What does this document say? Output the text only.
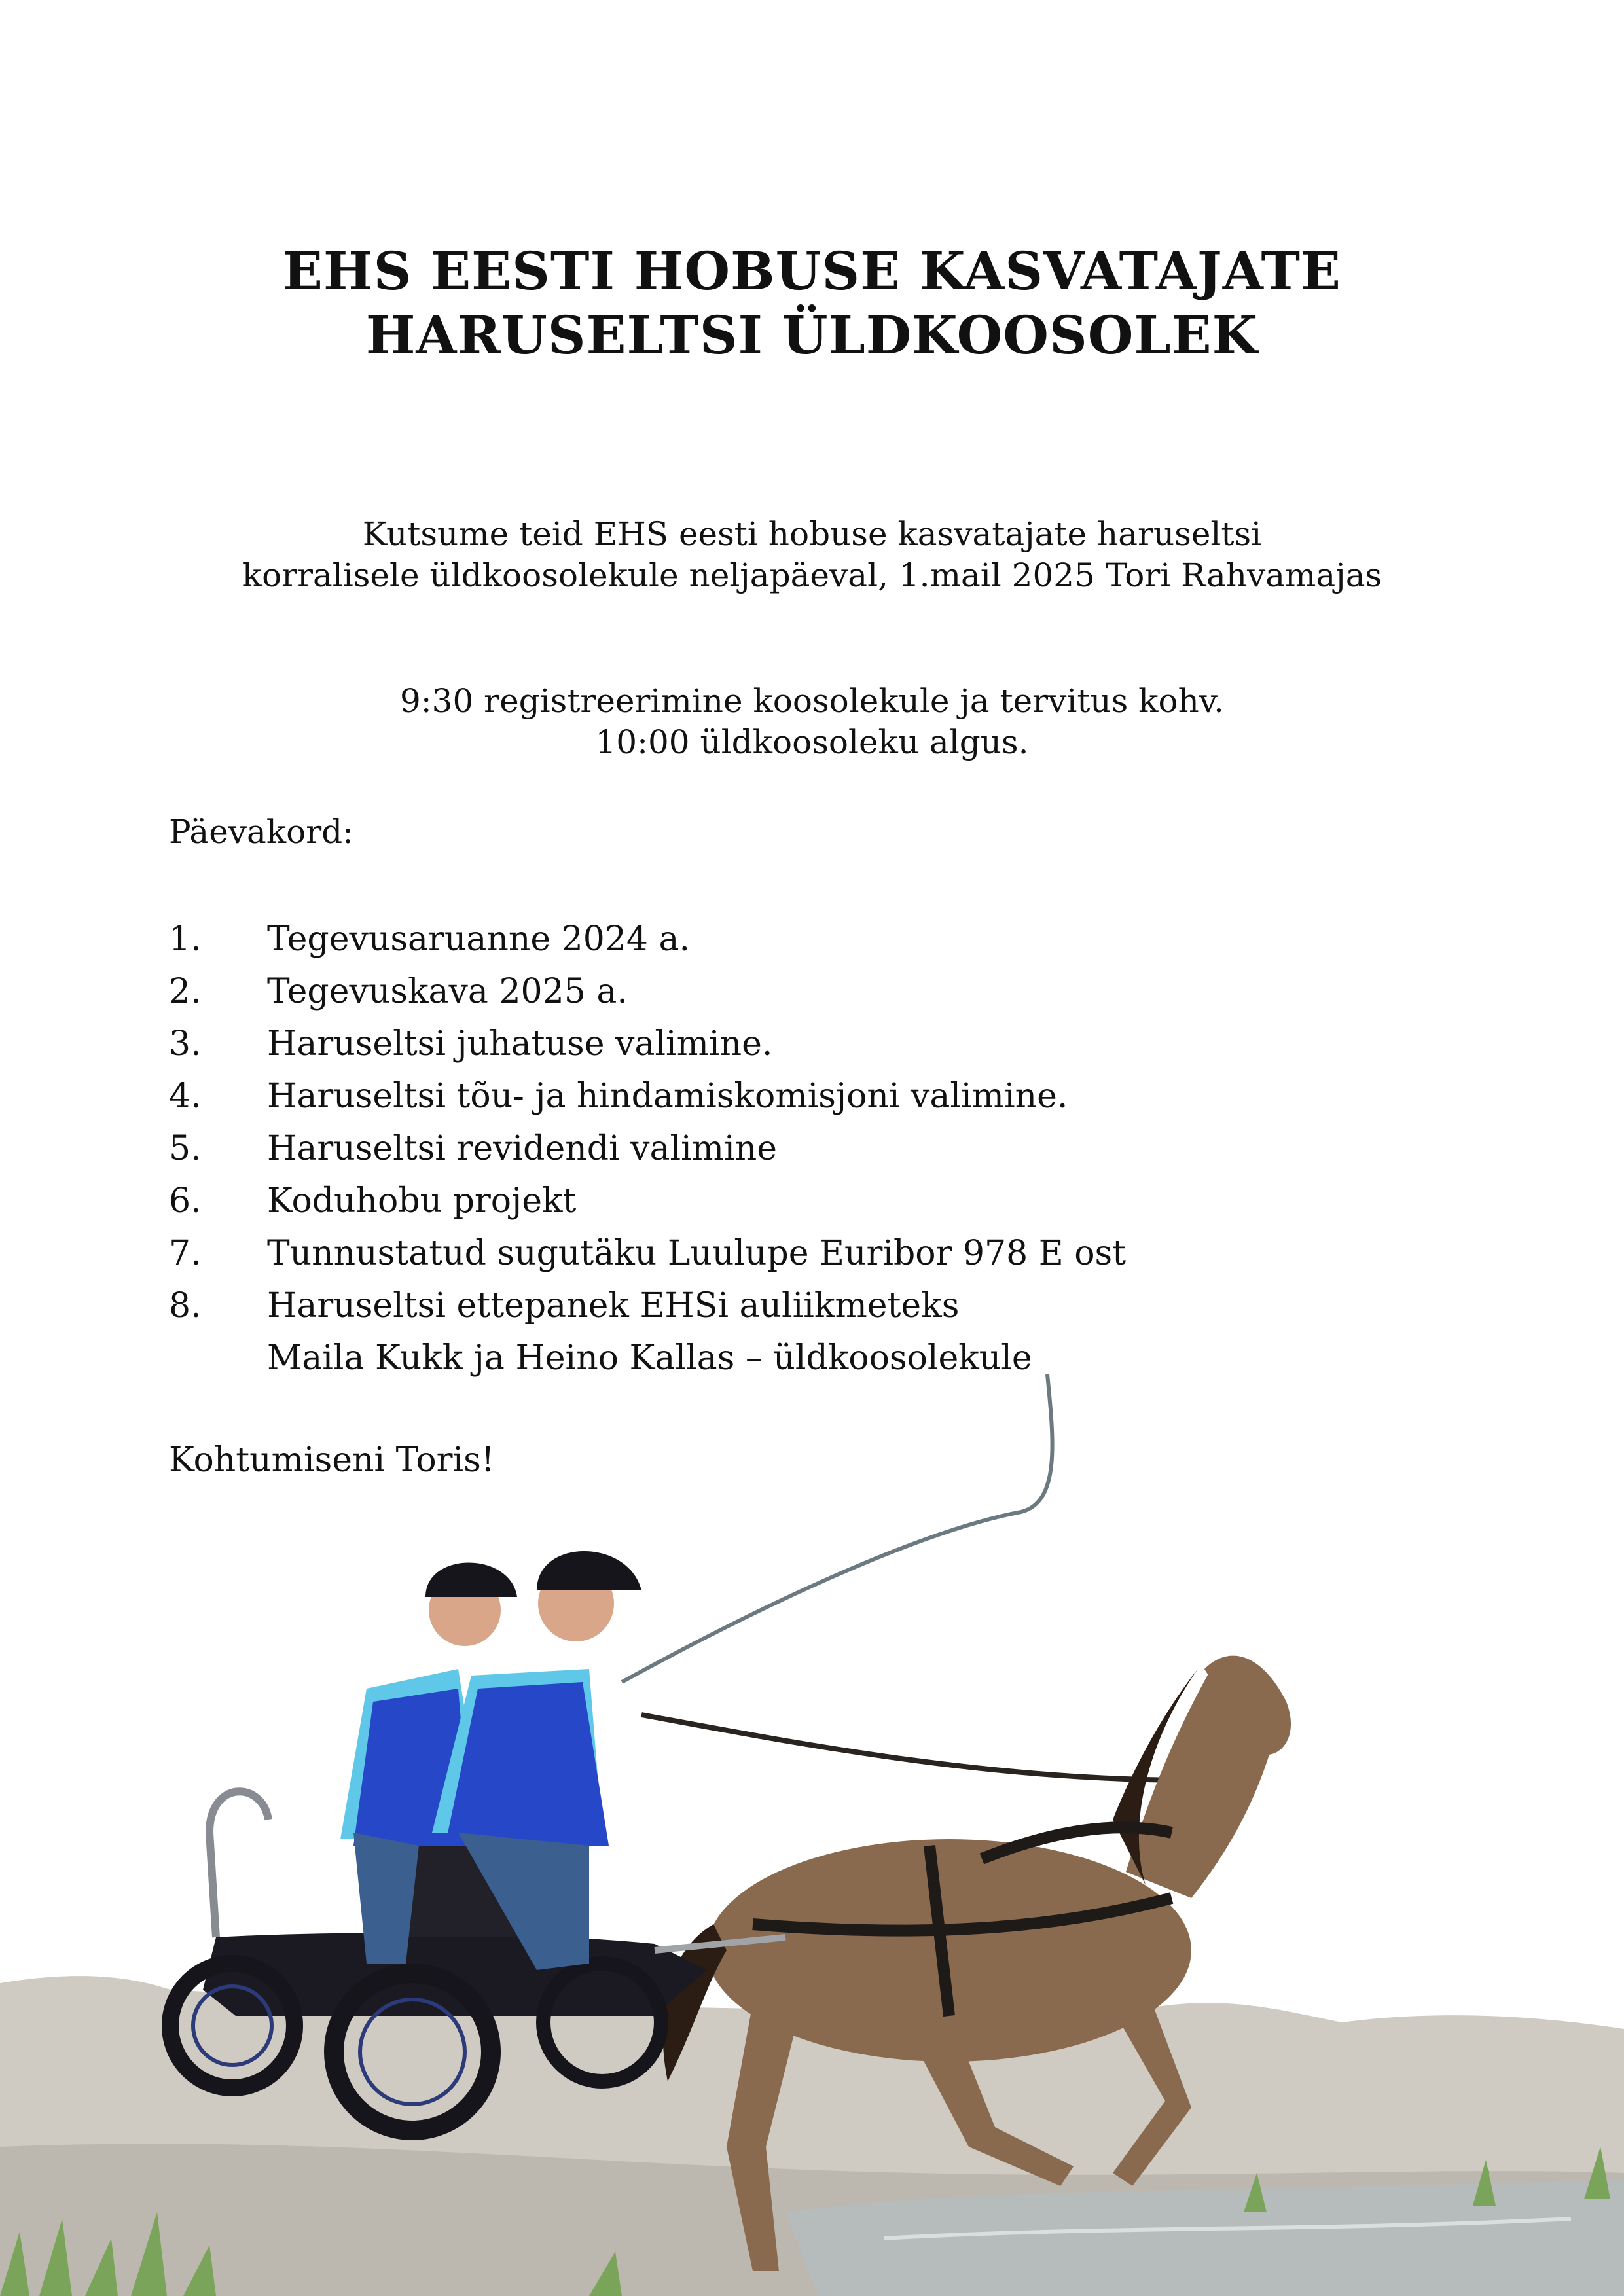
EHS EESTI HOBUSE KASVATAJATE
HARUSELTSI ÜLDKOOSOLEK
Kutsume teid EHS eesti hobuse kasvatajate haruseltsi
korralisele üldkoosolekule neljapäeval, 1.mail 2025 Tori Rahvamajas
9:30 registreerimine koosolekule ja tervitus kohv.
10:00 üldkoosoleku algus.
Päevakord:
1. Tegevusaruanne 2024 a.
2. Tegevuskava 2025 a.
3. Haruseltsi juhatuse valimine.
4. Haruseltsi tõu- ja hindamiskomisjoni valimine.
5. Haruseltsi revidendi valimine
6. Koduhobu projekt
7. Tunnustatud sugutäku Luulupe Euribor 978 E ost
8. Haruseltsi ettepanek EHSi auliikmeteks
Maila Kukk ja Heino Kallas – üldkoosolekule
Kohtumiseni Toris!
